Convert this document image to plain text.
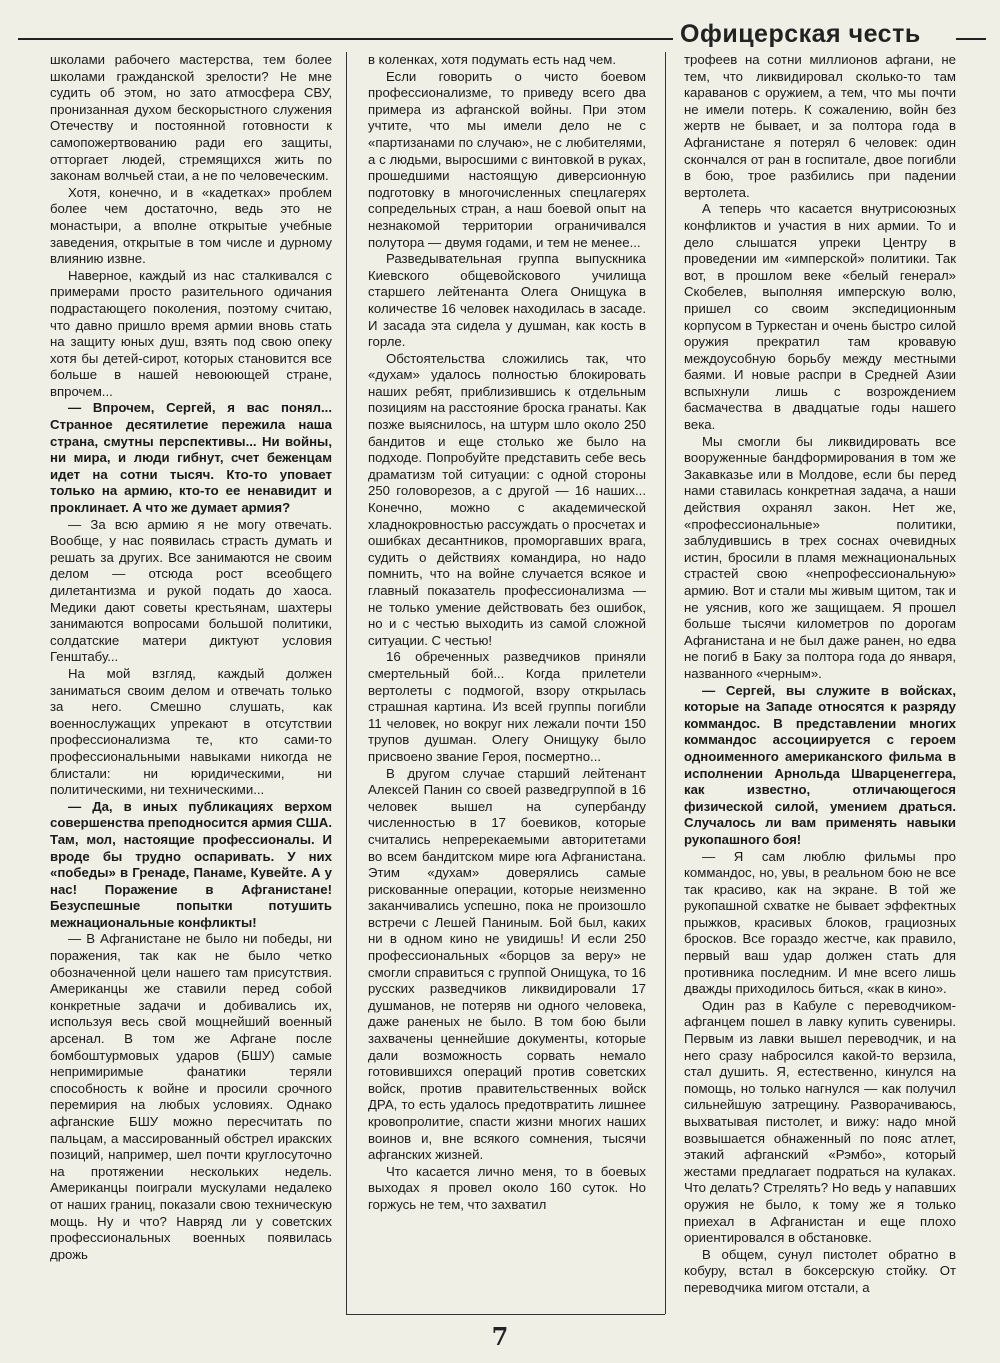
Офицерская честь

школами рабочего мастерства, тем более школами гражданской зрелости? Не мне судить об этом, но зато атмосфера СВУ, пронизанная духом бескорыстного служения Отечеству и постоянной готовности к самопожертвованию ради его защиты, отторгает людей, стремящихся жить по законам волчьей стаи, а не по человеческим.

Хотя, конечно, и в «кадетках» проблем более чем достаточно, ведь это не монастыри, а вполне открытые учебные заведения, открытые в том числе и дурному влиянию извне.

Наверное, каждый из нас сталкивался с примерами просто разительного одичания подрастающего поколения, поэтому считаю, что давно пришло время армии вновь стать на защиту юных душ, взять под свою опеку хотя бы детей-сирот, которых становится все больше в нашей невоюющей стране, впрочем...

— Впрочем, Сергей, я вас понял... Странное десятилетие пережила наша страна, смутны перспективы... Ни войны, ни мира, и люди гибнут, счет беженцам идет на сотни тысяч. Кто-то уповает только на армию, кто-то ее ненавидит и проклинает. А что же думает армия?

— За всю армию я не могу отвечать. Вообще, у нас появилась страсть думать и решать за других. Все занимаются не своим делом — отсюда рост всеобщего дилетантизма и рукой подать до хаоса. Медики дают советы крестьянам, шахтеры занимаются вопросами большой политики, солдатские матери диктуют условия Генштабу...

На мой взгляд, каждый должен заниматься своим делом и отвечать только за него. Смешно слушать, как военнослужащих упрекают в отсутствии профессионализма те, кто сами-то профессиональными навыками никогда не блистали: ни юридическими, ни политическими, ни техническими...

— Да, в иных публикациях верхом совершенства преподносится армия США. Там, мол, настоящие профессионалы. И вроде бы трудно оспаривать. У них «победы» в Гренаде, Панаме, Кувейте. А у нас! Поражение в Афганистане! Безуспешные попытки потушить межнациональные конфликты!

— В Афганистане не было ни победы, ни поражения, так как не было четко обозначенной цели нашего там присутствия. Американцы же ставили перед собой конкретные задачи и добивались их, используя весь свой мощнейший военный арсенал. В том же Афгане после бомбоштурмовых ударов (БШУ) самые непримиримые фанатики теряли способность к войне и просили срочного перемирия на любых условиях. Однако афганские БШУ можно пересчитать по пальцам, а массированный обстрел иракских позиций, например, шел почти круглосуточно на протяжении нескольких недель. Американцы поиграли мускулами недалеко от наших границ, показали свою техническую мощь. Ну и что? Навряд ли у советских профессиональных военных появилась дрожь

в коленках, хотя подумать есть над чем.

Если говорить о чисто боевом профессионализме, то приведу всего два примера из афганской войны. При этом учтите, что мы имели дело не с «партизанами по случаю», не с любителями, а с людьми, выросшими с винтовкой в руках, прошедшими настоящую диверсионную подготовку в многочисленных спецлагерях сопредельных стран, а наш боевой опыт на незнакомой территории ограничивался полутора — двумя годами, и тем не менее...

Разведывательная группа выпускника Киевского общевойскового училища старшего лейтенанта Олега Онищука в количестве 16 человек находилась в засаде. И засада эта сидела у душман, как кость в горле.

Обстоятельства сложились так, что «духам» удалось полностью блокировать наших ребят, приблизившись к отдельным позициям на расстояние броска гранаты. Как позже выяснилось, на штурм шло около 250 бандитов и еще столько же было на подходе. Попробуйте представить себе весь драматизм той ситуации: с одной стороны 250 головорезов, а с другой — 16 наших... Конечно, можно с академической хладнокровностью рассуждать о просчетах и ошибках десантников, проморгавших врага, судить о действиях командира, но надо помнить, что на войне случается всякое и главный показатель профессионализма — не только умение действовать без ошибок, но и с честью выходить из самой сложной ситуации. С честью!

16 обреченных разведчиков приняли смертельный бой... Когда прилетели вертолеты с подмогой, взору открылась страшная картина. Из всей группы погибли 11 человек, но вокруг них лежали почти 150 трупов душман. Олегу Онищуку было присвоено звание Героя, посмертно...

В другом случае старший лейтенант Алексей Панин со своей разведгруппой в 16 человек вышел на супербанду численностью в 17 боевиков, которые считались непререкаемыми авторитетами во всем бандитском мире юга Афганистана. Этим «духам» доверялись самые рискованные операции, которые неизменно заканчивались успешно, пока не произошло встречи с Лешей Паниным. Бой был, каких ни в одном кино не увидишь! И если 250 профессиональных «борцов за веру» не смогли справиться с группой Онищука, то 16 русских разведчиков ликвидировали 17 душманов, не потеряв ни одного человека, даже раненых не было. В том бою были захвачены ценнейшие документы, которые дали возможность сорвать немало готовившихся операций против советских войск, против правительственных войск ДРА, то есть удалось предотвратить лишнее кровопролитие, спасти жизни многих наших воинов и, вне всякого сомнения, тысячи афганских жизней.

Что касается лично меня, то в боевых выходах я провел около 160 суток. Но горжусь не тем, что захватил

трофеев на сотни миллионов афгани, не тем, что ликвидировал сколько-то там караванов с оружием, а тем, что мы почти не имели потерь. К сожалению, войн без жертв не бывает, и за полтора года в Афганистане я потерял 6 человек: один скончался от ран в госпитале, двое погибли в бою, трое разбились при падении вертолета.

А теперь что касается внутрисоюзных конфликтов и участия в них армии. То и дело слышатся упреки Центру в проведении им «имперской» политики. Так вот, в прошлом веке «белый генерал» Скобелев, выполняя имперскую волю, пришел со своим экспедиционным корпусом в Туркестан и очень быстро силой оружия прекратил там кровавую междоусобную борьбу между местными баями. И новые распри в Средней Азии вспыхнули лишь с возрождением басмачества в двадцатые годы нашего века.

Мы смогли бы ликвидировать все вооруженные бандформирования в том же Закавказье или в Молдове, если бы перед нами ставилась конкретная задача, а наши действия охранял закон. Нет же, «профессиональные» политики, заблудившись в трех соснах очевидных истин, бросили в пламя межнациональных страстей свою «непрофессиональную» армию. Вот и стали мы живым щитом, так и не уяснив, кого же защищаем. Я прошел больше тысячи километров по дорогам Афганистана и не был даже ранен, но едва не погиб в Баку за полтора года до января, названного «черным».

— Сергей, вы служите в войсках, которые на Западе относятся к разряду коммандос. В представлении многих коммандос ассоциируется с героем одноименного американского фильма в исполнении Арнольда Шварценеггера, как известно, отличающегося физической силой, умением драться. Случалось ли вам применять навыки рукопашного боя!

— Я сам люблю фильмы про коммандос, но, увы, в реальном бою не все так красиво, как на экране. В той же рукопашной схватке не бывает эффектных прыжков, красивых блоков, грациозных бросков. Все гораздо жестче, как правило, первый ваш удар должен стать для противника последним. И мне всего лишь дважды приходилось биться, «как в кино».

Один раз в Кабуле с переводчиком-афганцем пошел в лавку купить сувениры. Первым из лавки вышел переводчик, и на него сразу набросился какой-то верзила, стал душить. Я, естественно, кинулся на помощь, но только нагнулся — как получил сильнейшую затрещину. Разворачиваюсь, выхватывая пистолет, и вижу: надо мной возвышается обнаженный по пояс атлет, этакий афганский «Рэмбо», который жестами предлагает подраться на кулаках. Что делать? Стрелять? Но ведь у напавших оружия не было, к тому же я только приехал в Афганистан и еще плохо ориентировался в обстановке.

В общем, сунул пистолет обратно в кобуру, встал в боксерскую стойку. От переводчика мигом отстали, а

7
